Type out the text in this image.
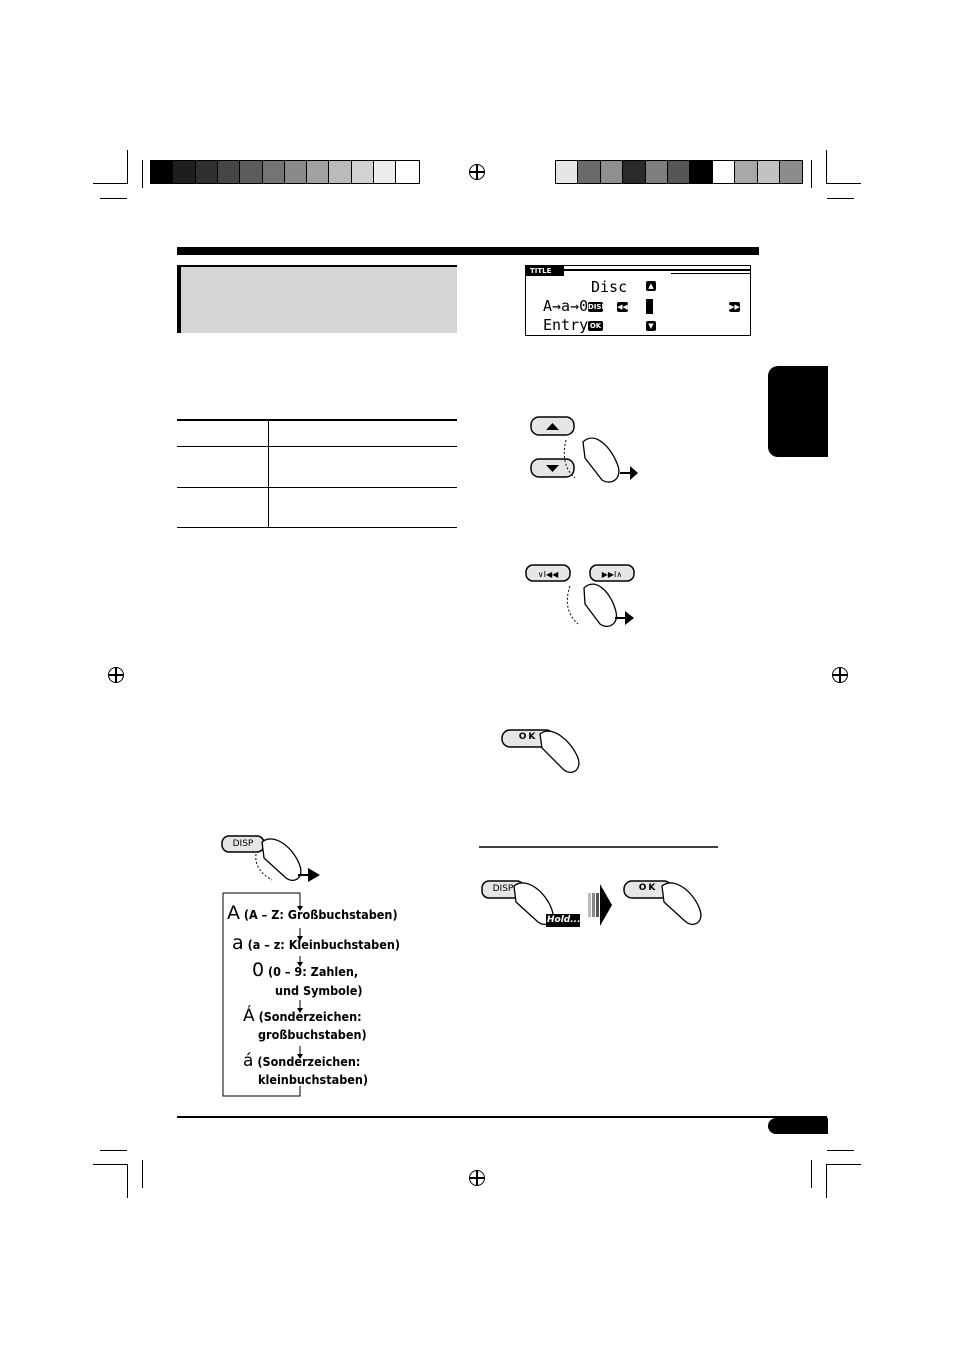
TITLE
Disc	▲
A→a→0 DISP ◀◀	▶▶
Entry OK	▼
∨I◀◀	▶▶I∧
OK
DISP
DISP
Hold....
OK
A (A – Z: Großbuchstaben)
a (a – z: Kleinbuchstaben)
0 (0 – 9: Zahlen,
und Symbole)
Á (Sonderzeichen:
großbuchstaben)
á (Sonderzeichen:
kleinbuchstaben)
